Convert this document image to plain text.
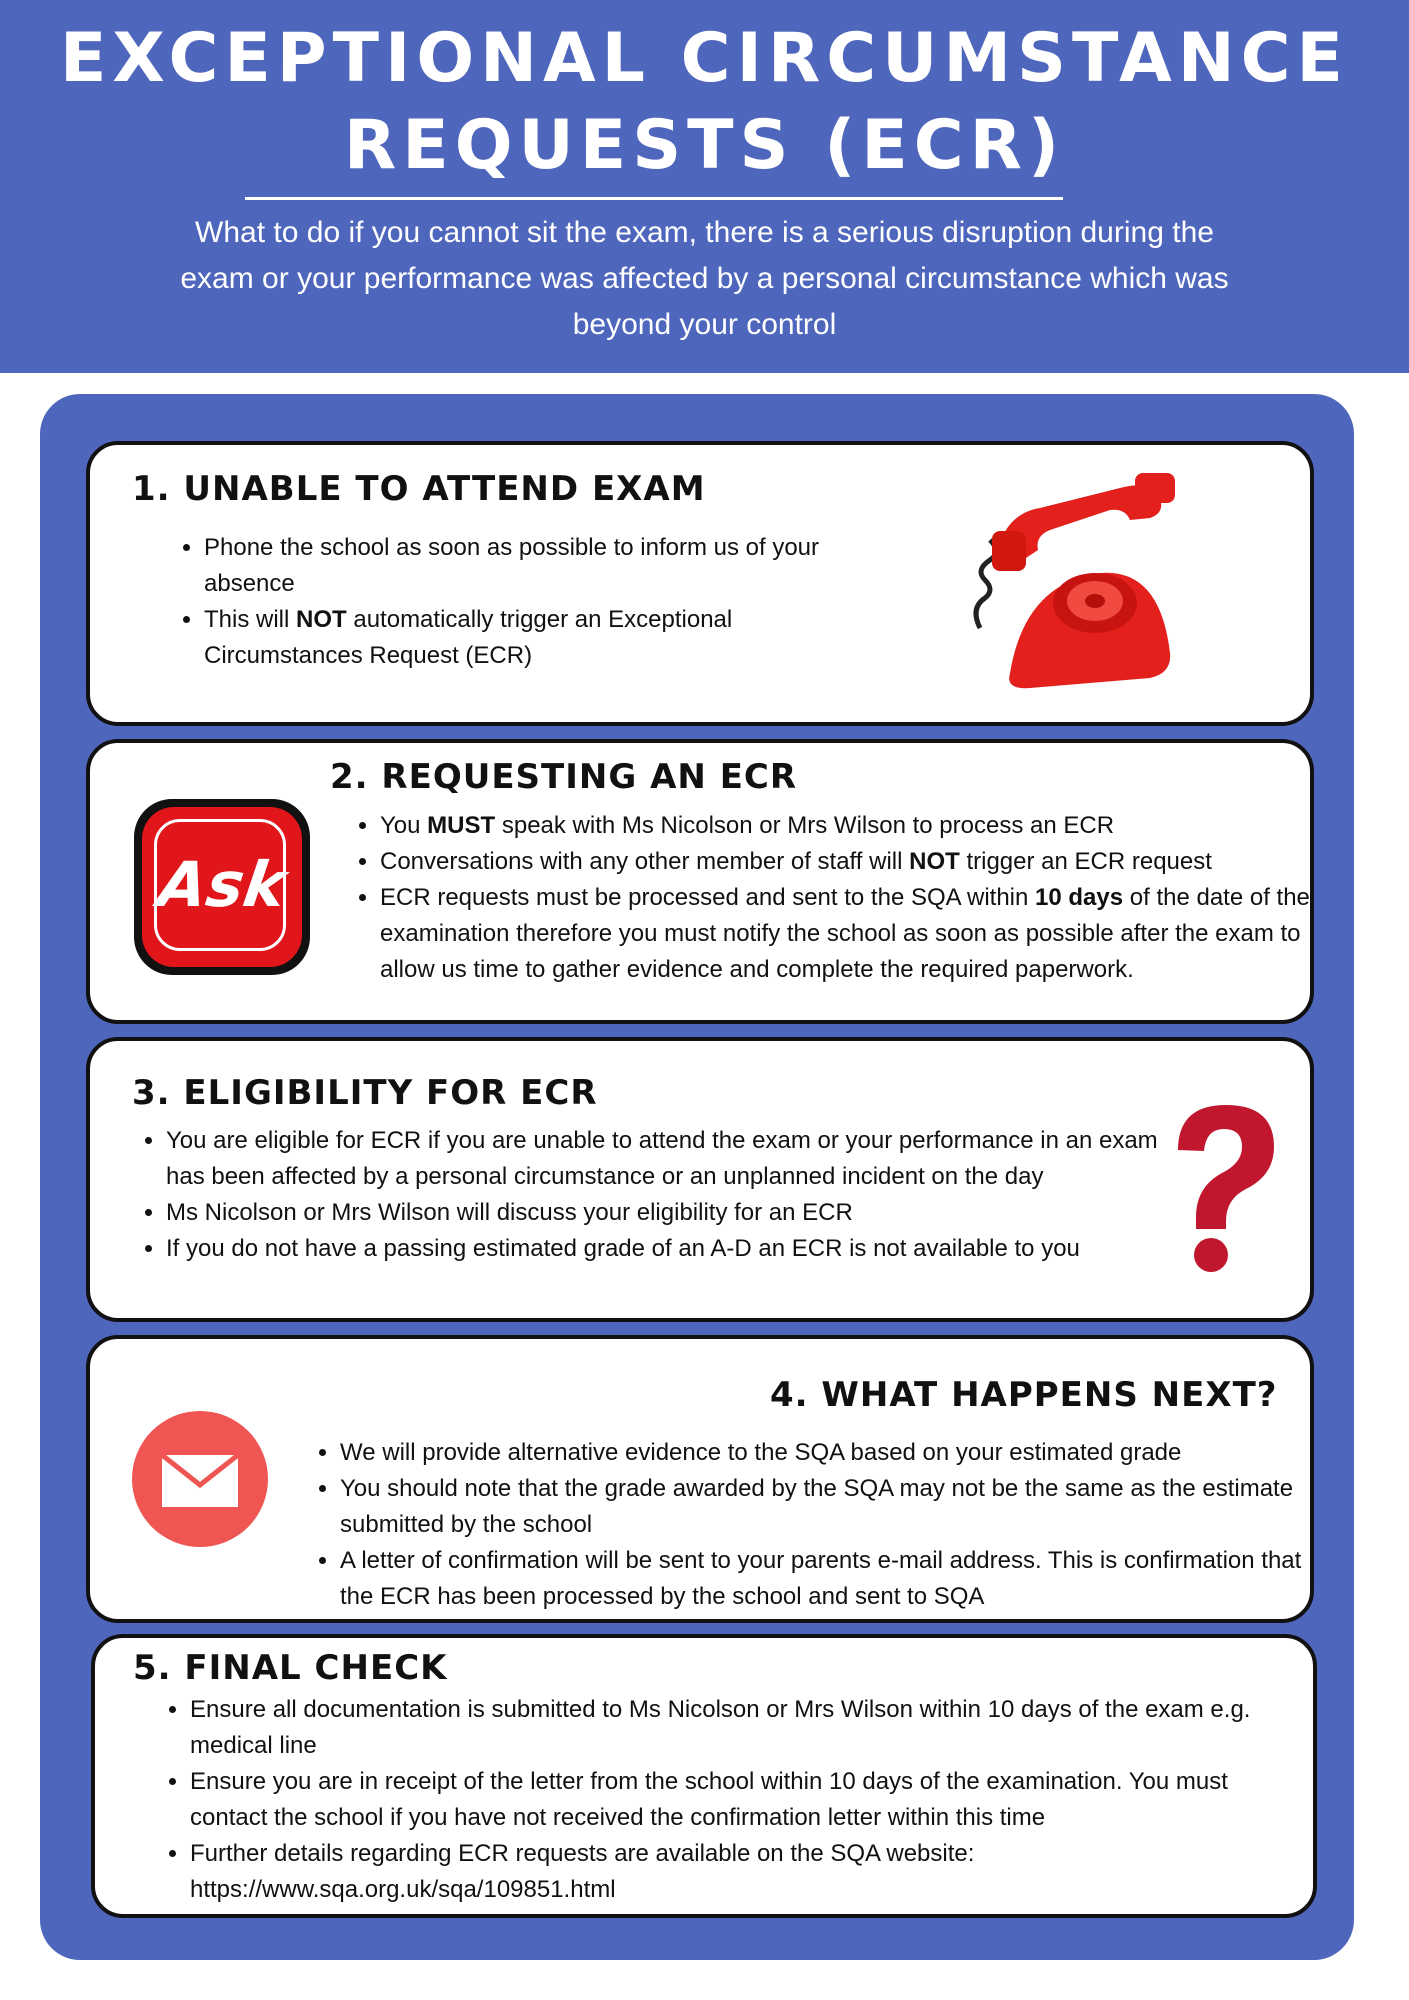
EXCEPTIONAL CIRCUMSTANCE
REQUESTS (ECR)
What to do if you cannot sit the exam, there is a serious disruption during the exam or your performance was affected by a personal circumstance which was beyond your control
1. UNABLE TO ATTEND EXAM
• Phone the school as soon as possible to inform us of your absence
• This will NOT automatically trigger an Exceptional Circumstances Request (ECR)
2. REQUESTING AN ECR
• You MUST speak with Ms Nicolson or Mrs Wilson to process an ECR
• Conversations with any other member of staff will NOT trigger an ECR request
• ECR requests must be processed and sent to the SQA within 10 days of the date of the examination therefore you must notify the school as soon as possible after the exam to allow us time to gather evidence and complete the required paperwork.
Ask
3. ELIGIBILITY FOR ECR
• You are eligible for ECR if you are unable to attend the exam or your performance in an exam has been affected by a personal circumstance or an unplanned incident on the day
• Ms Nicolson or Mrs Wilson will discuss your eligibility for an ECR
• If you do not have a passing estimated grade of an A-D an ECR is not available to you
4. WHAT HAPPENS NEXT?
• We will provide alternative evidence to the SQA based on your estimated grade
• You should note that the grade awarded by the SQA may not be the same as the estimate submitted by the school
• A letter of confirmation will be sent to your parents e-mail address. This is confirmation that the ECR has been processed by the school and sent to SQA
5. FINAL CHECK
• Ensure all documentation is submitted to Ms Nicolson or Mrs Wilson within 10 days of the exam e.g. medical line
• Ensure you are in receipt of the letter from the school within 10 days of the examination. You must contact the school if you have not received the confirmation letter within this time
• Further details regarding ECR requests are available on the SQA website: https://www.sqa.org.uk/sqa/109851.html
